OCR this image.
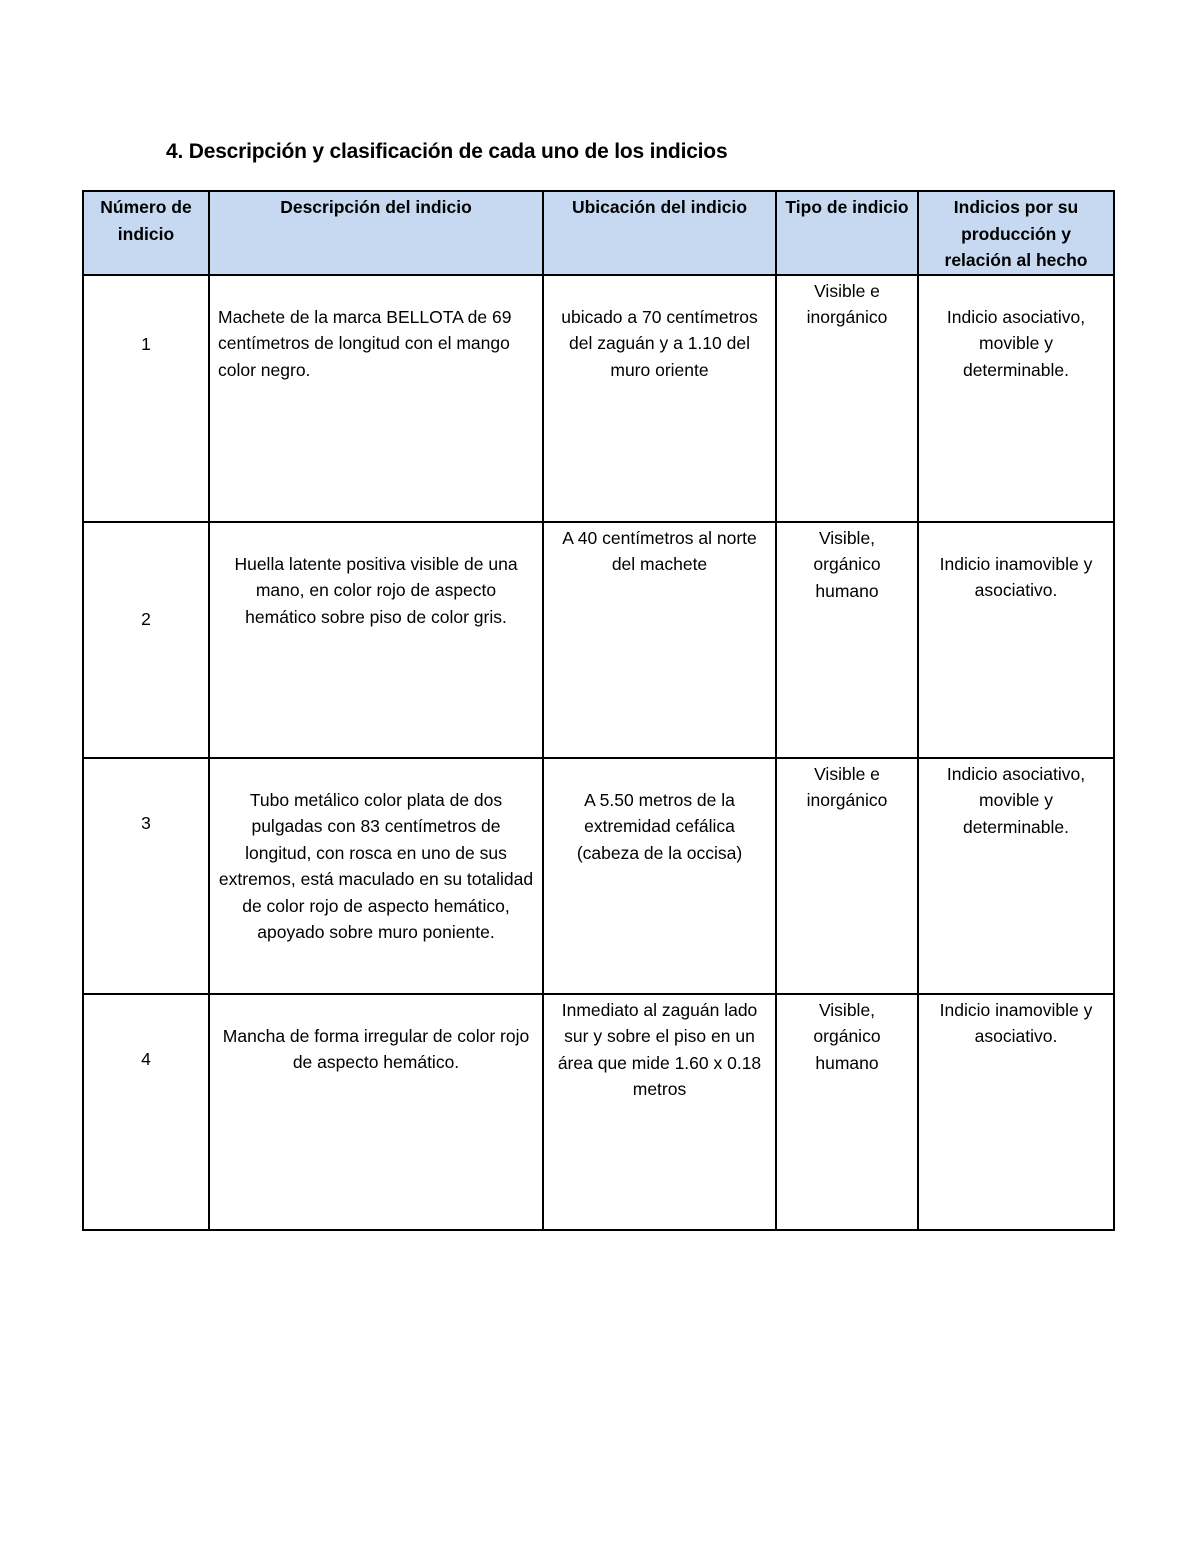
4. Descripción y clasificación de cada uno de los indicios
Número de indicio	Descripción del indicio	Ubicación del indicio	Tipo de indicio	Indicios por su producción y relación al hecho
1	Machete de la marca BELLOTA de 69 centímetros de longitud con el mango color negro.	ubicado a 70 centímetros del zaguán y a 1.10 del muro oriente	Visible e inorgánico	Indicio asociativo, movible y determinable.

2	Huella latente positiva visible de una mano, en color rojo de aspecto hemático sobre piso de color gris.	A 40 centímetros al norte del machete	Visible, orgánico humano	Indicio inamovible y asociativo.

3	Tubo metálico color plata de dos pulgadas con 83 centímetros de longitud, con rosca en uno de sus extremos, está maculado en su totalidad de color rojo de aspecto hemático, apoyado sobre muro poniente.	A 5.50 metros de la extremidad cefálica (cabeza de la occisa)	Visible e inorgánico	Indicio asociativo, movible y determinable.
4	Mancha de forma irregular de color rojo de aspecto hemático.	Inmediato al zaguán lado sur y sobre el piso en un área que mide 1.60 x 0.18 metros	Visible, orgánico humano	Indicio inamovible y asociativo.
